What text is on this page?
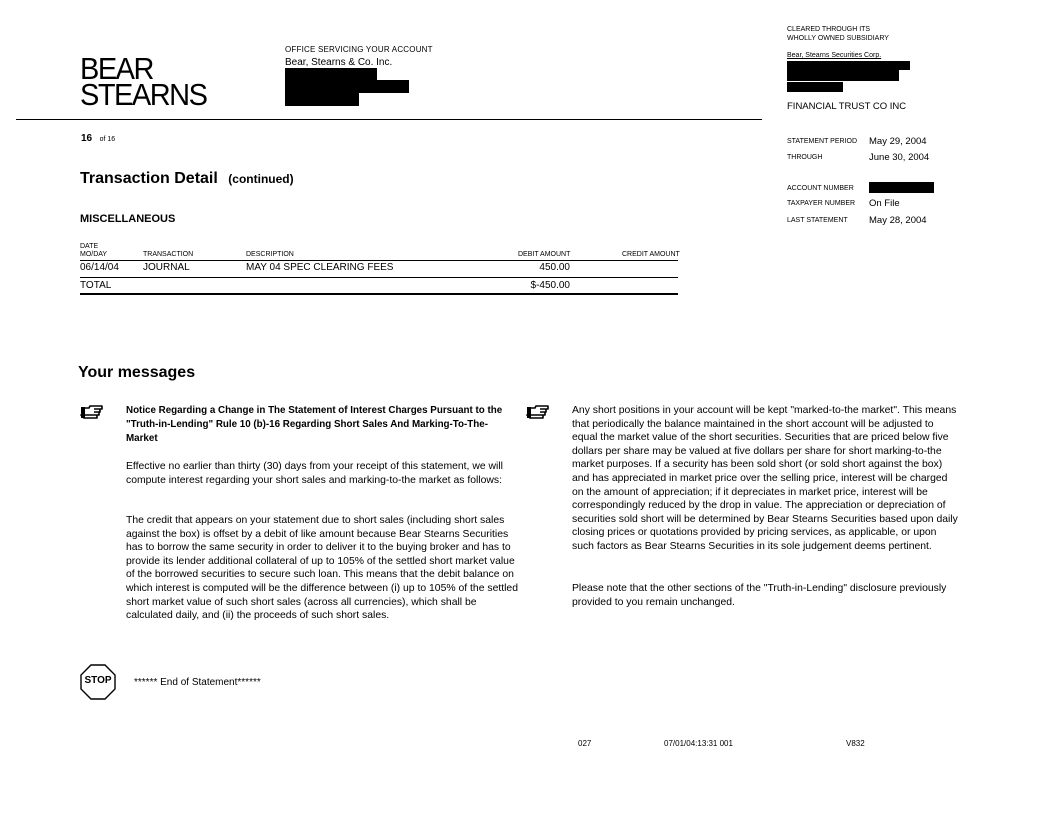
BEAR
STEARNS
OFFICE SERVICING YOUR ACCOUNT
Bear, Stearns & Co. Inc.
CLEARED THROUGH ITS
WHOLLY OWNED SUBSIDIARY
Bear, Stearns Securities Corp.
FINANCIAL TRUST CO INC
16 of 16	STATEMENT PERIOD May 29, 2004
THROUGH	June 30, 2004
ACCOUNT NUMBER
TAXPAYER NUMBER On File
LAST STATEMENT May 28, 2004
Transaction Detail (continued)
MISCELLANEOUS
DATE
MO/DAY	TRANSACTION	DESCRIPTION	DEBIT AMOUNT	CREDIT AMOUNT
06/14/04 JOURNAL	MAY 04 SPEC CLEARING FEES	450.00
TOTAL	$-450.00
Your messages
Notice Regarding a Change in The Statement of Interest Charges Pursuant to the "Truth-in-Lending" Rule 10 (b)-16 Regarding Short Sales And Marking-To-The-Market
Effective no earlier than thirty (30) days from your receipt of this statement, we will compute interest regarding your short sales and marking-to-the market as follows:
The credit that appears on your statement due to short sales (including short sales against the box) is offset by a debit of like amount because Bear Stearns Securities has to borrow the same security in order to deliver it to the buying broker and has to provide its lender additional collateral of up to 105% of the settled short market value of the borrowed securities to secure such loan. This means that the debit balance on which interest is computed will be the difference between (i) up to 105% of the settled short market value of such short sales (across all currencies), which shall be calculated daily, and (ii) the proceeds of such short sales.
Any short positions in your account will be kept "marked-to-the market". This means that periodically the balance maintained in the short account will be adjusted to equal the market value of the short securities. Securities that are priced below five dollars per share may be valued at five dollars per share for short marking-to-the market purposes. If a security has been sold short (or sold short against the box) and has appreciated in market price over the selling price, interest will be charged on the amount of appreciation; if it depreciates in market price, interest will be correspondingly reduced by the drop in value. The appreciation or depreciation of securities sold short will be determined by Bear Stearns Securities based upon daily closing prices or quotations provided by pricing services, as applicable, or upon such factors as Bear Stearns Securities in its sole judgement deems pertinent.
Please note that the other sections of the "Truth-in-Lending" disclosure previously provided to you remain unchanged.
STOP	****** End of Statement******
027	07/01/04:13:31 001	V832
